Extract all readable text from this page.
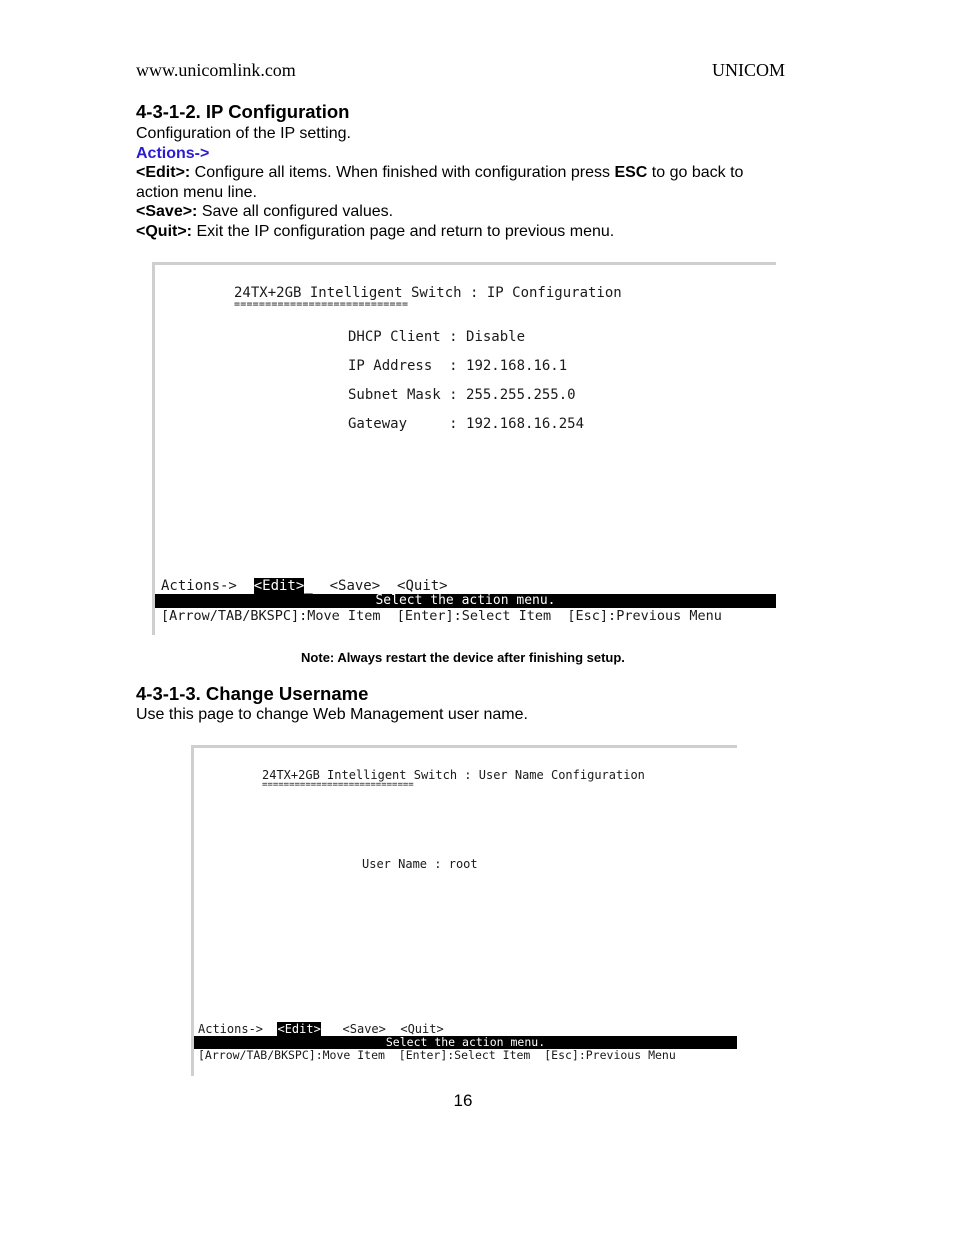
www.unicomlink.com	UNICOM
4-3-1-2. IP Configuration
Configuration of the IP setting.
Actions->
<Edit>: Configure all items. When finished with configuration press ESC to go back to
action menu line.
<Save>: Save all configured values.
<Quit>: Exit the IP configuration page and return to previous menu.
24TX+2GB Intelligent Switch : IP Configuration
============================
DHCP Client : Disable
IP Address  : 192.168.16.1
Subnet Mask : 255.255.255.0
Gateway     : 192.168.16.254
Actions-> <Edit>_  <Save> <Quit>
Select the action menu.
[Arrow/TAB/BKSPC]:Move Item [Enter]:Select Item [Esc]:Previous Menu
Note: Always restart the device after finishing setup.
4-3-1-3. Change Username
Use this page to change Web Management user name.
24TX+2GB Intelligent Switch : User Name Configuration
============================
User Name : root
Actions-> <Edit> <Save> <Quit>
Select the action menu.
[Arrow/TAB/BKSPC]:Move Item [Enter]:Select Item [Esc]:Previous Menu
16
